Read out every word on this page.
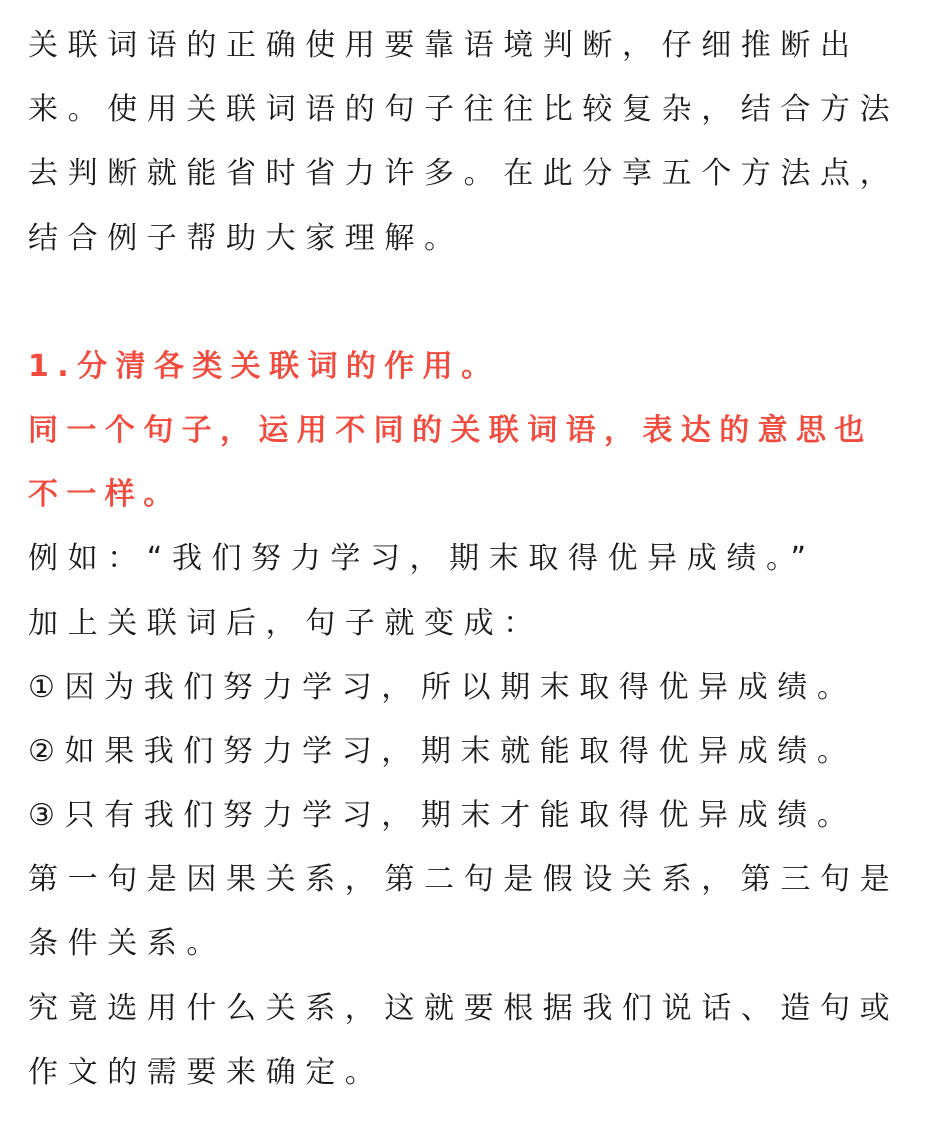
关联词语的正确使用要靠语境判断，仔细推断出
来。使用关联词语的句子往往比较复杂，结合方法
去判断就能省时省力许多。在此分享五个方法点，
结合例子帮助大家理解。
1.分清各类关联词的作用。
同一个句子，运用不同的关联词语，表达的意思也
不一样。
例如：“我们努力学习，期末取得优异成绩。”
加上关联词后，句子就变成：
①因为我们努力学习，所以期末取得优异成绩。
②如果我们努力学习，期末就能取得优异成绩。
③只有我们努力学习，期末才能取得优异成绩。
第一句是因果关系，第二句是假设关系，第三句是
条件关系。
究竟选用什么关系，这就要根据我们说话、造句或
作文的需要来确定。
